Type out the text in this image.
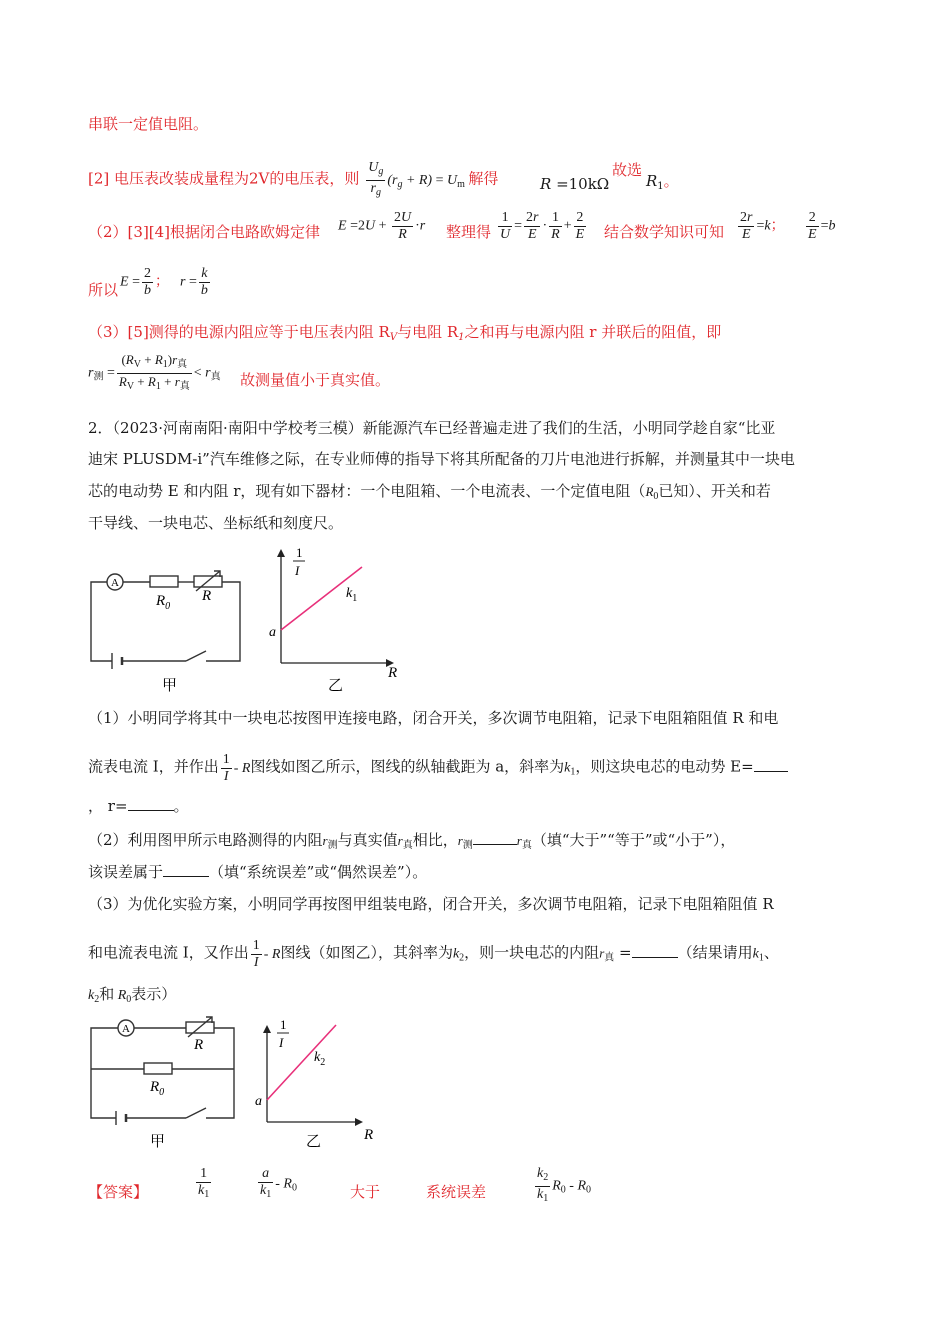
串联一定值电阻。
[2] 电压表改装成量程为2V的电压表，则 $\frac{U_g}{r_g} (r_g + R) = U_m$ 解得	R =10kΩ
故选
$R_1$。
（2）[3][4]根据闭合电路欧姆定律 $E =2U + \frac{2U}{R} \cdot r$ 整理得 $\frac{1}{U} = \frac{2r}{E} \cdot \frac{1}{R} + \frac{2}{E}$ 结合数学知识可知 $\frac{2r}{E} =k$； $\frac{2}{E} =b$
所以 $E = \frac{2}{b}$ ； $r = \frac{k}{b}$
（3）[5]测得的电源内阻应等于电压表内阻 $R_V$与电阻 $R_1$之和再与电源内阻 r 并联后的阻值，即
$r_测 = \frac{(R_V + R_1)r_真}{R_V + R_1 + r_真} < r_真$ 故测量值小于真实值。
2．（2023·河南南阳·南阳中学校考三模）新能源汽车已经普遍走进了我们的生活，小明同学趁自家“比亚
迪宋 PLUSDM-i”汽车维修之际，在专业师傅的指导下将其所配备的刀片电池进行拆解，并测量其中一块电
芯的电动势 E 和内阻 r，现有如下器材：一个电阻箱、一个电流表、一个定值电阻（$R_0$已知）、开关和若
干导线、一块电芯、坐标纸和刻度尺。
A
$R_0$
R
甲
1
I
$k_1$
a
R
乙
（1）小明同学将其中一块电芯按图甲连接电路，闭合开关，多次调节电阻箱，记录下电阻箱阻值 R 和电
流表电流 I，并作出 $\frac{1}{I}$ - R图线如图乙所示，图线的纵轴截距为 a，斜率为$k_1$，则这块电芯的电动势 E=
， r=	。
（2）利用图甲所示电路测得的内阻$r_测$与真实值$r_真$相比，$r_测$	$r_真$（填“大于”“等于”或“小于”），
该误差属于	（填“系统误差”或“偶然误差”）。
（3）为优化实验方案，小明同学再按图甲组装电路，闭合开关，多次调节电阻箱，记录下电阻箱阻值 R
和电流表电流 I，又作出 $\frac{1}{I}$ - R图线（如图乙），其斜率为$k_2$，则一块电芯的内阻$r_真$ =	（结果请用$k_1$、
$k_2$和 $R_0$表示）
A
R
$R_0$
甲
1
I
$k_2$
a
R
乙
【答案】	$\frac{1}{k_1}$	$\frac{a}{k_1} - R_0$	大于	系统误差	$\frac{k_2}{k_1} R_0 - R_0$
